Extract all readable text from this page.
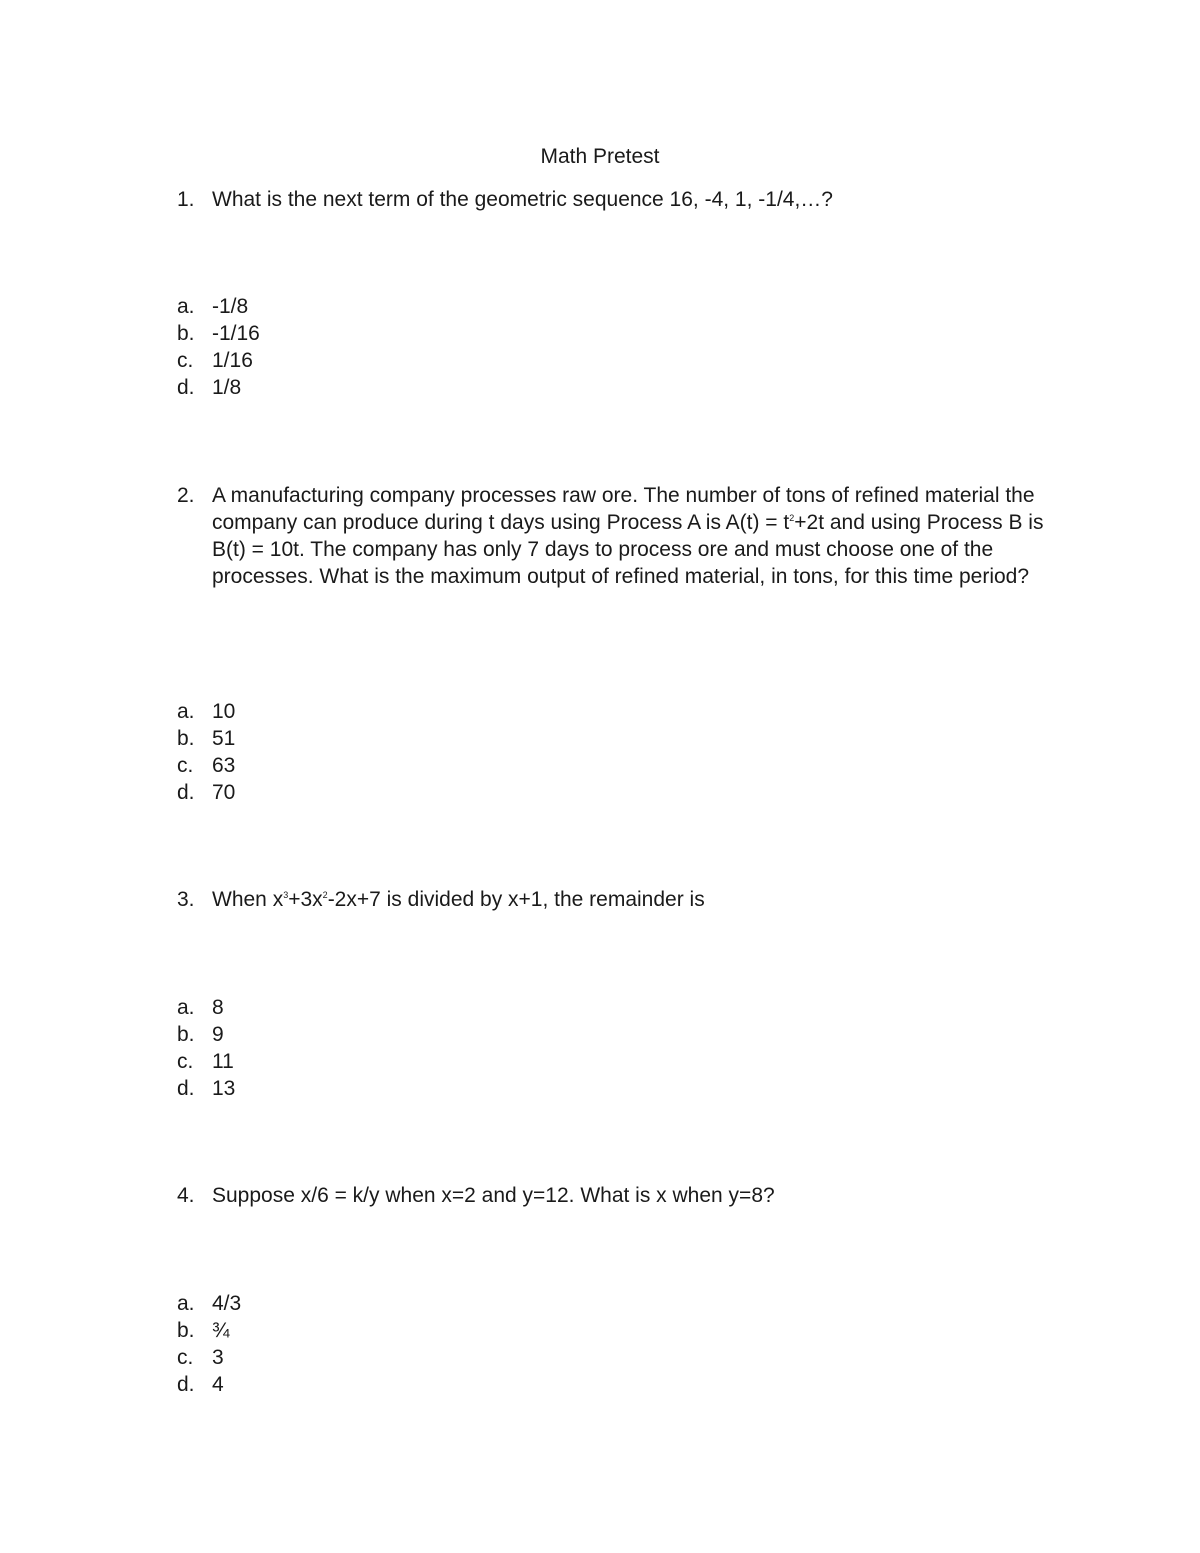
Math Pretest
1. What is the next term of the geometric sequence 16, -4, 1, -1/4,…?
a. -1/8
b. -1/16
c. 1/16
d. 1/8
2. A manufacturing company processes raw ore. The number of tons of refined material the company can produce during t days using Process A is $A(t) = t^2+2t$ and using Process B is B(t) = 10t. The company has only 7 days to process ore and must choose one of the processes. What is the maximum output of refined material, in tons, for this time period?
a. 10
b. 51
c. 63
d. 70
3. When $x^3+3x^2-2x+7$ is divided by x+1, the remainder is
a. 8
b. 9
c. 11
d. 13
4. Suppose x/6 = k/y when x=2 and y=12. What is x when y=8?
a. 4/3
b. ¾
c. 3
d. 4
